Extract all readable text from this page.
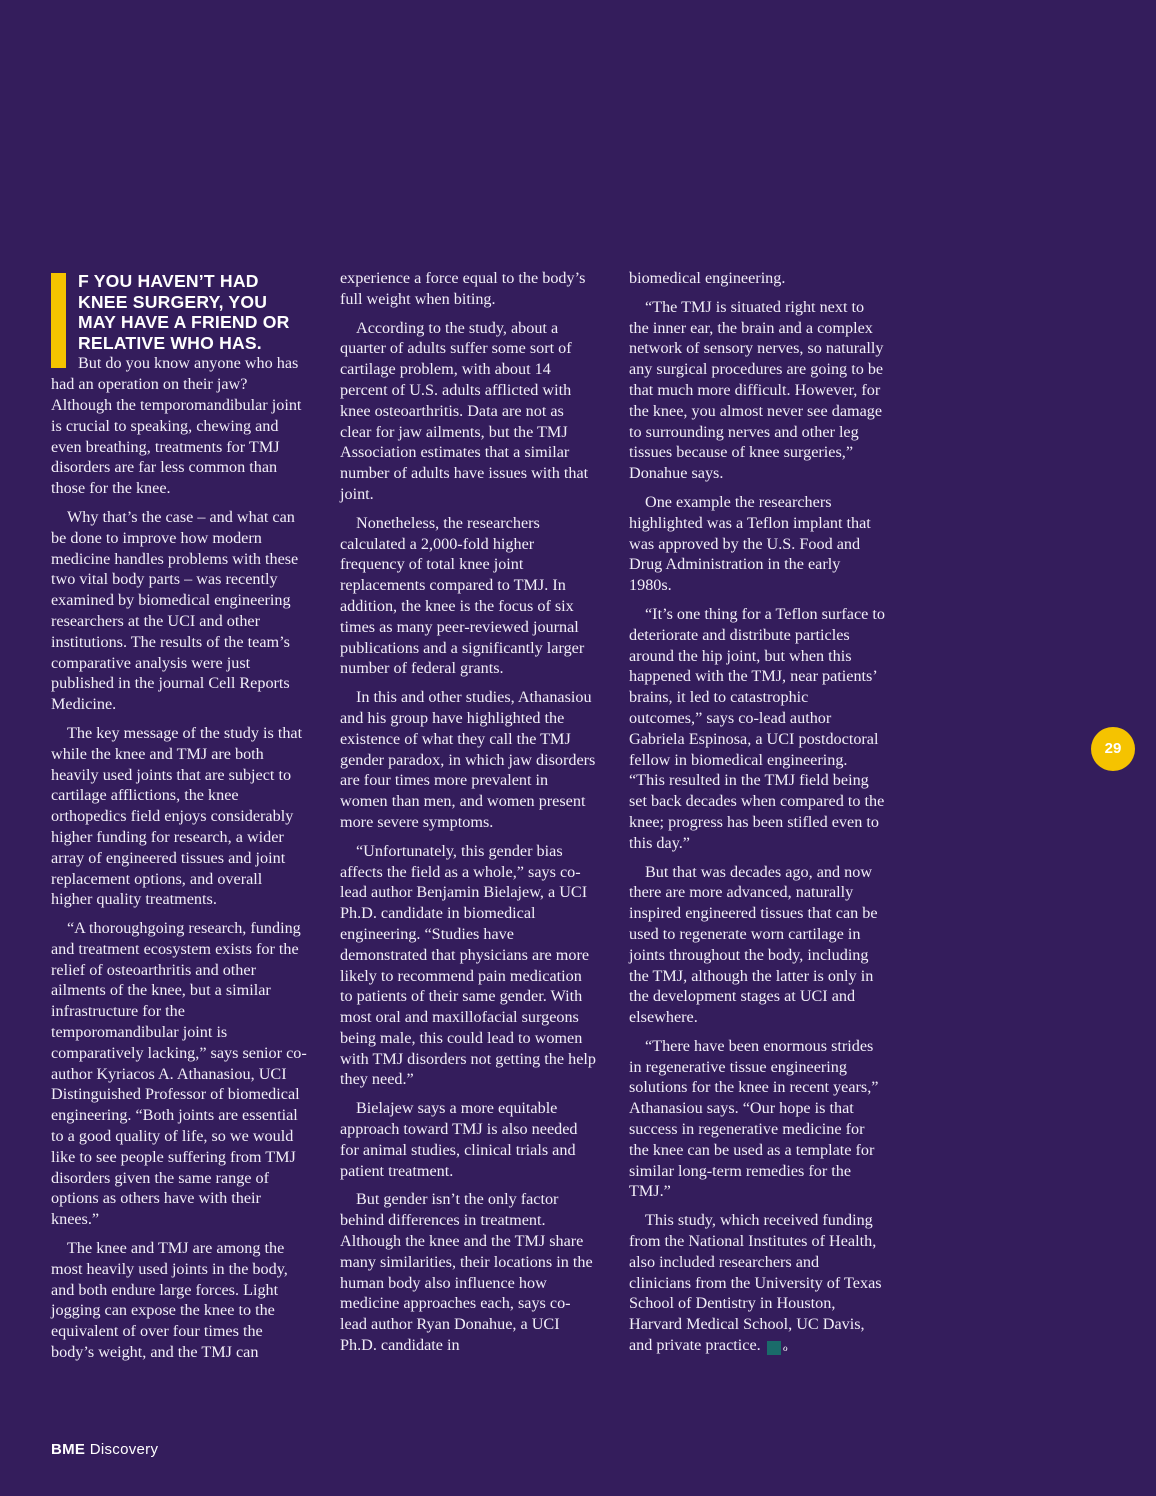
F YOU HAVEN’T HAD KNEE SURGERY, YOU MAY HAVE A FRIEND OR RELATIVE WHO HAS.

But do you know anyone who has had an operation on their jaw? Although the temporomandibular joint is crucial to speaking, chewing and even breathing, treatments for TMJ disorders are far less common than those for the knee.

Why that’s the case – and what can be done to improve how modern medicine handles problems with these two vital body parts – was recently examined by biomedical engineering researchers at the UCI and other institutions. The results of the team’s comparative analysis were just published in the journal Cell Reports Medicine.

The key message of the study is that while the knee and TMJ are both heavily used joints that are subject to cartilage afflictions, the knee orthopedics field enjoys considerably higher funding for research, a wider array of engineered tissues and joint replacement options, and overall higher quality treatments.

“A thoroughgoing research, funding and treatment ecosystem exists for the relief of osteoarthritis and other ailments of the knee, but a similar infrastructure for the temporomandibular joint is comparatively lacking,” says senior co-author Kyriacos A. Athanasiou, UCI Distinguished Professor of biomedical engineering. “Both joints are essential to a good quality of life, so we would like to see people suffering from TMJ disorders given the same range of options as others have with their knees.”

The knee and TMJ are among the most heavily used joints in the body, and both endure large forces. Light jogging can expose the knee to the equivalent of over four times the body’s weight, and the TMJ can

experience a force equal to the body’s full weight when biting.

According to the study, about a quarter of adults suffer some sort of cartilage problem, with about 14 percent of U.S. adults afflicted with knee osteoarthritis. Data are not as clear for jaw ailments, but the TMJ Association estimates that a similar number of adults have issues with that joint.

Nonetheless, the researchers calculated a 2,000-fold higher frequency of total knee joint replacements compared to TMJ. In addition, the knee is the focus of six times as many peer-reviewed journal publications and a significantly larger number of federal grants.

In this and other studies, Athanasiou and his group have highlighted the existence of what they call the TMJ gender paradox, in which jaw disorders are four times more prevalent in women than men, and women present more severe symptoms.

“Unfortunately, this gender bias affects the field as a whole,” says co-lead author Benjamin Bielajew, a UCI Ph.D. candidate in biomedical engineering. “Studies have demonstrated that physicians are more likely to recommend pain medication to patients of their same gender. With most oral and maxillofacial surgeons being male, this could lead to women with TMJ disorders not getting the help they need.”

Bielajew says a more equitable approach toward TMJ is also needed for animal studies, clinical trials and patient treatment.

But gender isn’t the only factor behind differences in treatment. Although the knee and the TMJ share many similarities, their locations in the human body also influence how medicine approaches each, says co-lead author Ryan Donahue, a UCI Ph.D. candidate in

biomedical engineering.

“The TMJ is situated right next to the inner ear, the brain and a complex network of sensory nerves, so naturally any surgical procedures are going to be that much more difficult. However, for the knee, you almost never see damage to surrounding nerves and other leg tissues because of knee surgeries,” Donahue says.

One example the researchers highlighted was a Teflon implant that was approved by the U.S. Food and Drug Administration in the early 1980s.

“It’s one thing for a Teflon surface to deteriorate and distribute particles around the hip joint, but when this happened with the TMJ, near patients’ brains, it led to catastrophic outcomes,” says co-lead author Gabriela Espinosa, a UCI postdoctoral fellow in biomedical engineering. “This resulted in the TMJ field being set back decades when compared to the knee; progress has been stifled even to this day.”

But that was decades ago, and now there are more advanced, naturally inspired engineered tissues that can be used to regenerate worn cartilage in joints throughout the body, including the TMJ, although the latter is only in the development stages at UCI and elsewhere.

“There have been enormous strides in regenerative tissue engineering solutions for the knee in recent years,” Athanasiou says. “Our hope is that success in regenerative medicine for the knee can be used as a template for similar long-term remedies for the TMJ.”

This study, which received funding from the National Institutes of Health, also included researchers and clinicians from the University of Texas School of Dentistry in Houston, Harvard Medical School, UC Davis, and private practice. ℴ

29
BME Discovery
